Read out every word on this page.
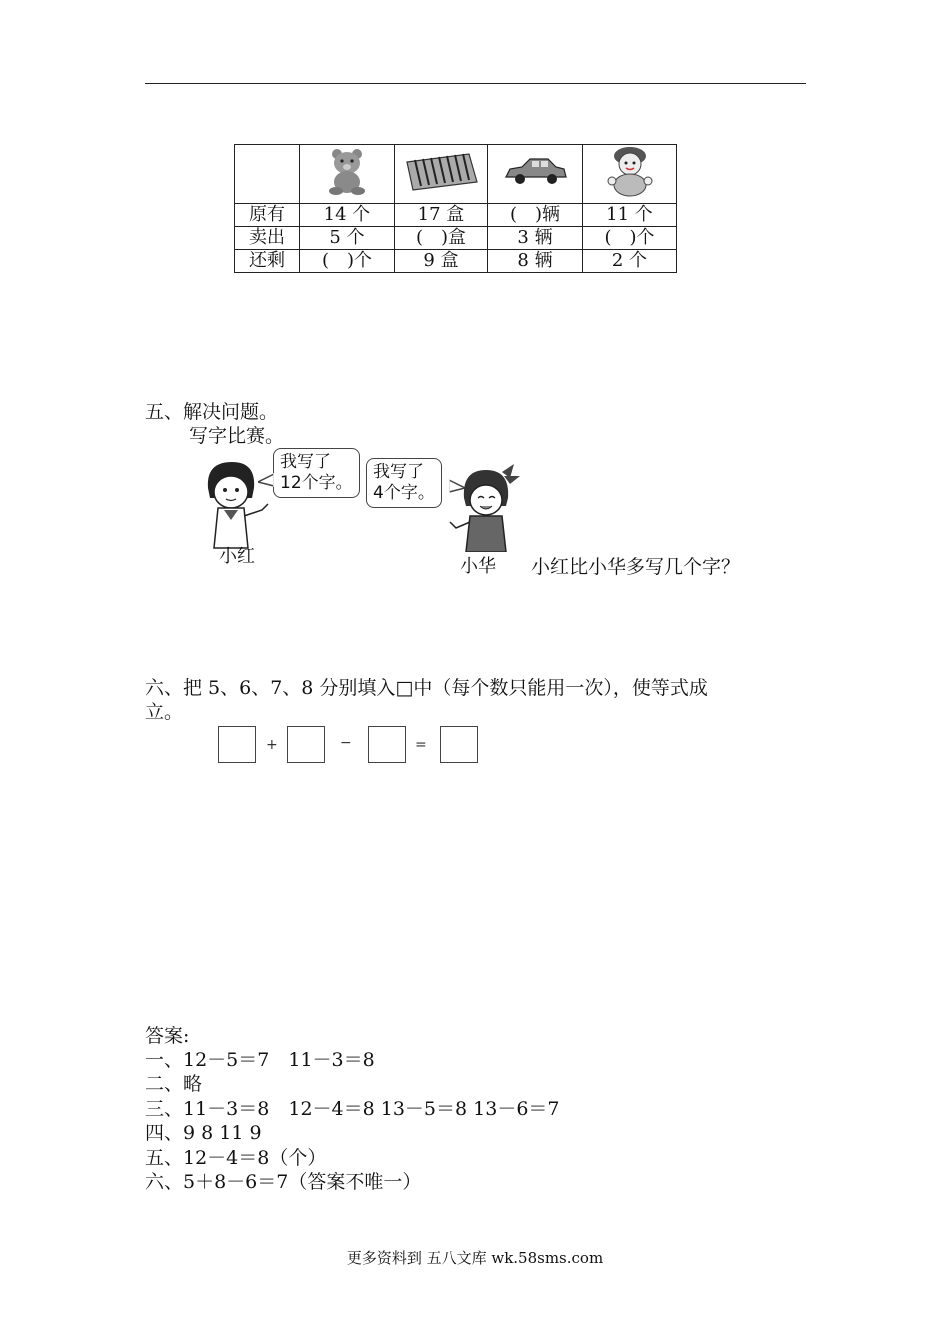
原有	14 个	17 盒	(　)辆	11 个
卖出	5 个	(　)盒	3 辆	(　)个
还剩	(　)个	9 盒	8 辆	2 个
五、解决问题。
写字比赛。
小红
我写了
12个字。
我写了
4个字。
小华 小红比小华多写几个字？
六、把 5、6、7、8 分别填入□中（每个数只能用一次），使等式成
立。
+	−	=
答案:
一、12－5＝7　11－3＝8
二、略
三、11－3＝8　12－4＝8 13－5＝8 13－6＝7
四、9 8 11 9
五、12－4＝8（个）
六、5＋8－6＝7（答案不唯一）
更多资料到 五八文库 wk.58sms.com
